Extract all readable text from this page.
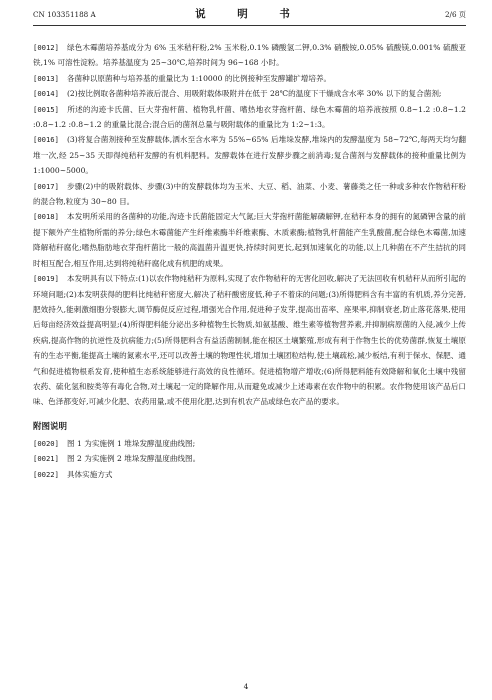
CN 103351188 A	说 明 书	2/6 页

[0012] 绿色木霉菌培养基成分为 6% 玉米秸秆粉,2% 玉米粉,0.1% 磷酸氢二钾,0.3% 硝酸铵,0.05% 硫酸镁,0.001% 硫酸亚铁,1% 可溶性淀粉。培养基温度为 25~30℃,培养时间为 96~168 小时。

[0013] 各菌种以原菌种与培养基的重量比为 1:10000 的比例接种至发酵罐扩增培养。

[0014] (2)按比例取各菌种培养液后混合、用吸附载体吸附并在低于 28℃的温度下干燥成含水率 30% 以下的复合菌剂;

[0015] 所述的沟迹卡氏菌、巨大芽孢杆菌、植物乳杆菌、嗜热地衣芽孢杆菌、绿色木霉菌的培养液按照 0.8~1.2 :0.8~1.2 :0.8~1.2 :0.8~1.2 的重量比混合;混合后的菌剂总量与吸附载体的重量比为 1:2~1:3。

[0016] (3)将复合菌剂接种至发酵载体,洒水至含水率为 55%~65% 后堆垛发酵,堆垛内的发酵温度为 58~72℃,每两天均匀翻堆一次,经 25~35 天即得纯秸秆发酵的有机料肥料。发酵载体在进行发酵步骤之前消毒;复合菌剂与发酵载体的接种重量比例为 1:1000~5000。

[0017] 步骤(2)中的吸附载体、步骤(3)中的发酵载体均为玉米、大豆、稻、油菜、小麦、薯藤类之任一种或多种农作物秸秆粉的混合物,粒度为 30~80 目。

[0018] 本发明所采用的各菌种的功能,沟迹卡氏菌能固定大气氮;巨大芽孢杆菌能解磷解钾,在秸秆本身的拥有的氮磷钾含量的前提下额外产生植物所需的养分;绿色木霉菌能产生纤维素酶半纤维素酶、木质素酶;植物乳杆菌能产生乳酸菌,配合绿色木霉菌,加速降解秸秆腐化;嗜热脂肪地衣芽孢杆菌比一般的高温菌升温更快,持续时间更长,起到加速氧化的功能,以上几种菌在不产生拮抗的同时相互配合,相互作用,达到将纯秸秆腐化成有机肥的成果。

[0019] 本发明具有以下特点:(1)以农作物纯秸秆为原料,实现了农作物秸秆的无害化回收,解决了无法回收有机秸秆从而所引起的环境问题;(2)本发明获得的肥料比纯秸秆密度大,解决了秸秆酸密度低,种子不着床的问题;(3)所得肥料含有丰富的有机质,养分完善,肥效持久,能刺激细胞分裂膨大,调节酶促反应过程,增强光合作用,促进种子发芽,提高出苗率、座果率,抑制衰老,防止落花落果,使用后每亩经济效益提高明显;(4)所得肥料能分泌出多种植物生长物质,如氨基酸、维生素等植物营养素,并抑制病原菌的入侵,减少上传疾病,提高作物的抗逆性及抗病能力;(5)所得肥料含有益活菌制制,能在根区土壤繁殖,形成有利于作物生长的优势菌群,恢复土壤原有的生态平衡,能提高土壤的氮素水平,还可以改善土壤的物理性状,增加土壤团粒结构,使土壤疏松,减少板结,有利于保水、保肥、通气和促进植物根系发育,使种植生态系统能够进行高效的良性循环。促进植物增产增收;(6)所得肥料能有效降解和氧化土壤中残留农药、硫化氢和胺类等有毒化合物,对土壤起一定的降解作用,从而避免或减少上述毒素在农作物中的积累。农作物使用该产品后口味、色泽都变好,可减少化肥、农药用量,或不使用化肥,达到有机农产品或绿色农产品的要求。

附图说明

[0020] 图 1 为实施例 1 堆垛发酵温度曲线图;

[0021] 图 2 为实施例 2 堆垛发酵温度曲线图。

[0022] 具体实施方式

4
